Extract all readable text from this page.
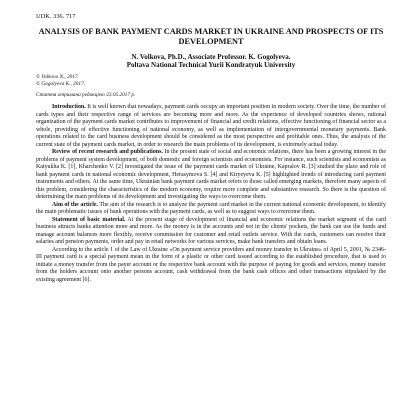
UDK. 336. 717
ANALYSIS OF BANK PAYMENT CARDS MARKET IN UKRAINE AND PROSPECTS OF ITS DEVELOPMENT
N. Volkova, Ph.D., Associate Professor. K. Gogolyeva.
Poltava National Technical Yurii Kondratyuk University
© Volkova N., 2017.
© Gogolyeva K., 2017.
Стаття отримана редакцією 23.05.2017 р.

Introduction. It is well known that nowadays, payment cards occupy an important position in modern society. Over the time, the number of cards types and their respective range of services are becoming more and more. As the experience of developed countries shows, rational organization of the payment cards market contributes to improvement of financial and credit relations, effective functioning of financial sector as a whole, providing of effective functioning of national economy, as well as implementation of intergovernmental monetary payments. Bank operations related to the card business development should be considered as the most perspective and profitable ones. Thus, the analysis of the current state of the payment cards market, in order to research the main problems of its development, is extremely actual today.

Review of recent research and publications. In the present state of social and economic relations, there has been a growing interest in the problems of payment system development, of both domestic and foreign scientists and economists. For instance, such scientists and economists as Katyukha K. [1], Kharchenko V. [2] investigated the issue of the payment cards market of Ukraine, Kapralov R. [3] studied the place and role of bank payment cards in national economic development, Herasymova S. [4] and Kiryeyeva K. [5] highlighted trends of introducing card payment instruments and others. At the same time, Ukrainian bank payment cards market refers to those called emerging markets, therefore many aspects of this problem, considering the characteristics of the modern economy, require more complete and substantive research. So there is the question of determining the main problems of its development and investigating the ways to overcome them.

Aim of the article. The aim of the research is to analyze the payment card market in the current national economic development, to identify the main problematic issues of bank operations with the payment cards, as well as to suggest ways to overcome them.

Statement of basic material. At the present stage of development of financial and economic relations the market segment of the card business attracts banks attention more and more. As the money is in the accounts and not in the clients' pockets, the bank can use the funds and manage account balances more flexibly, receive commission for customer and retail outlets service. With the cards, customers can receive their salaries and pension payments, order and pay in retail networks for various services, make bank transfers and obtain loans.

According to the article 1 of the Law of Ukraine «On payment service providers and money transfer in Ukraine» of April 5, 2001, № 2346-III payment card is a special payment mean in the form of a plastic or other card issued according to the established procedure, that is used to initiate a money transfer from the payer account or the respective bank account with the purpose of paying for goods and services, money transfer from the holders account onto another persons account, cash withdrawal from the bank cash offices and other transactions stipulated by the existing agreement [6].
